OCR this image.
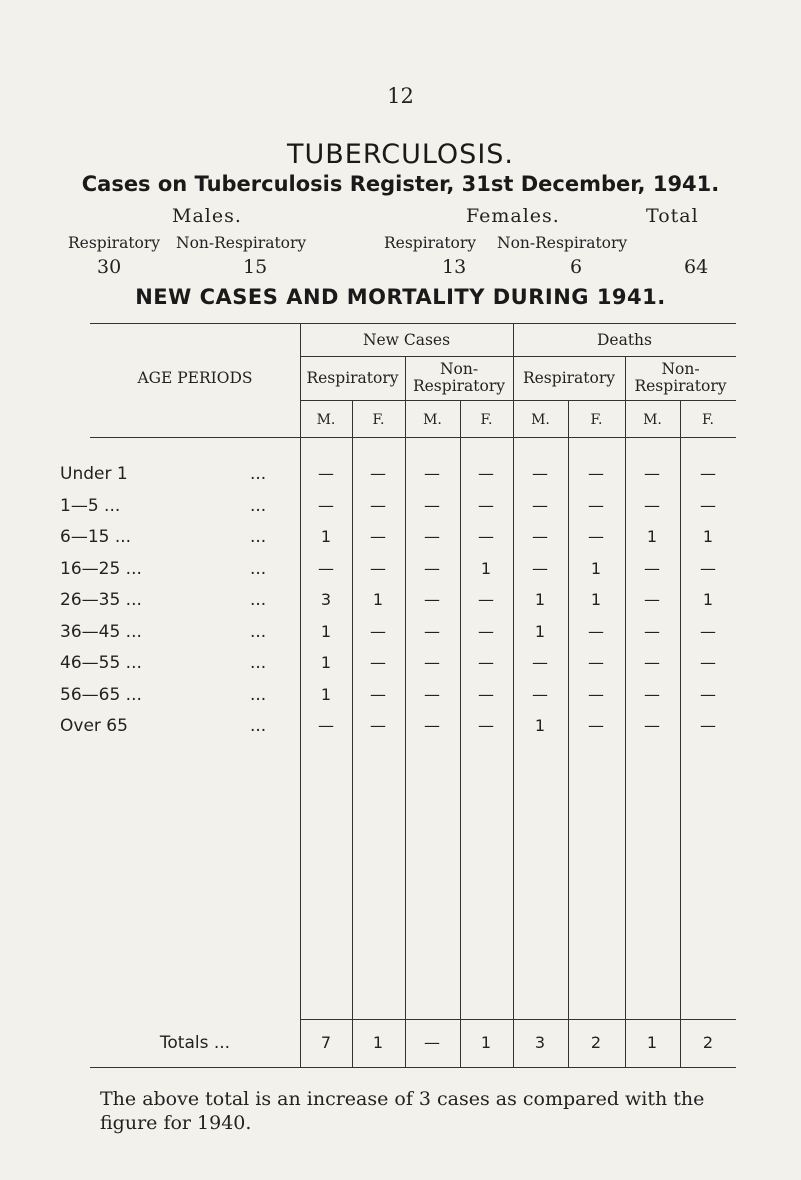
12
TUBERCULOSIS.
Cases on Tuberculosis Register, 31st December, 1941.
Males.	Females.	Total
Respiratory Non-Respiratory	Respiratory Non-Respiratory
30	15	13	6	64
NEW CASES AND MORTALITY DURING 1941.
AGE PERIODS
New Cases	Deaths
Respiratory	Non-
Respiratory	Respiratory	Non-
Respiratory
M.	F.	M.	F.	M.	F.	M.	F.
Under 1	...	—	—	—	—	—	—	—	—
1—5 ...	...	—	—	—	—	—	—	—	—
6—15 ...	...	1	—	—	—	—	—	1	1
16—25 ...	...	—	—	—	1	—	1	—	—
26—35 ...	...	3	1	—	—	1	1	—	1
36—45 ...	...	1	—	—	—	1	—	—	—
46—55 ...	...	1	—	—	—	—	—	—	—
56—65 ...	...	1	—	—	—	—	—	—	—
Over 65	...	—	—	—	—	1	—	—	—
Totals ...	7	1	—	1	3	2	1	2
The above total is an increase of 3 cases as compared with the figure for 1940.
